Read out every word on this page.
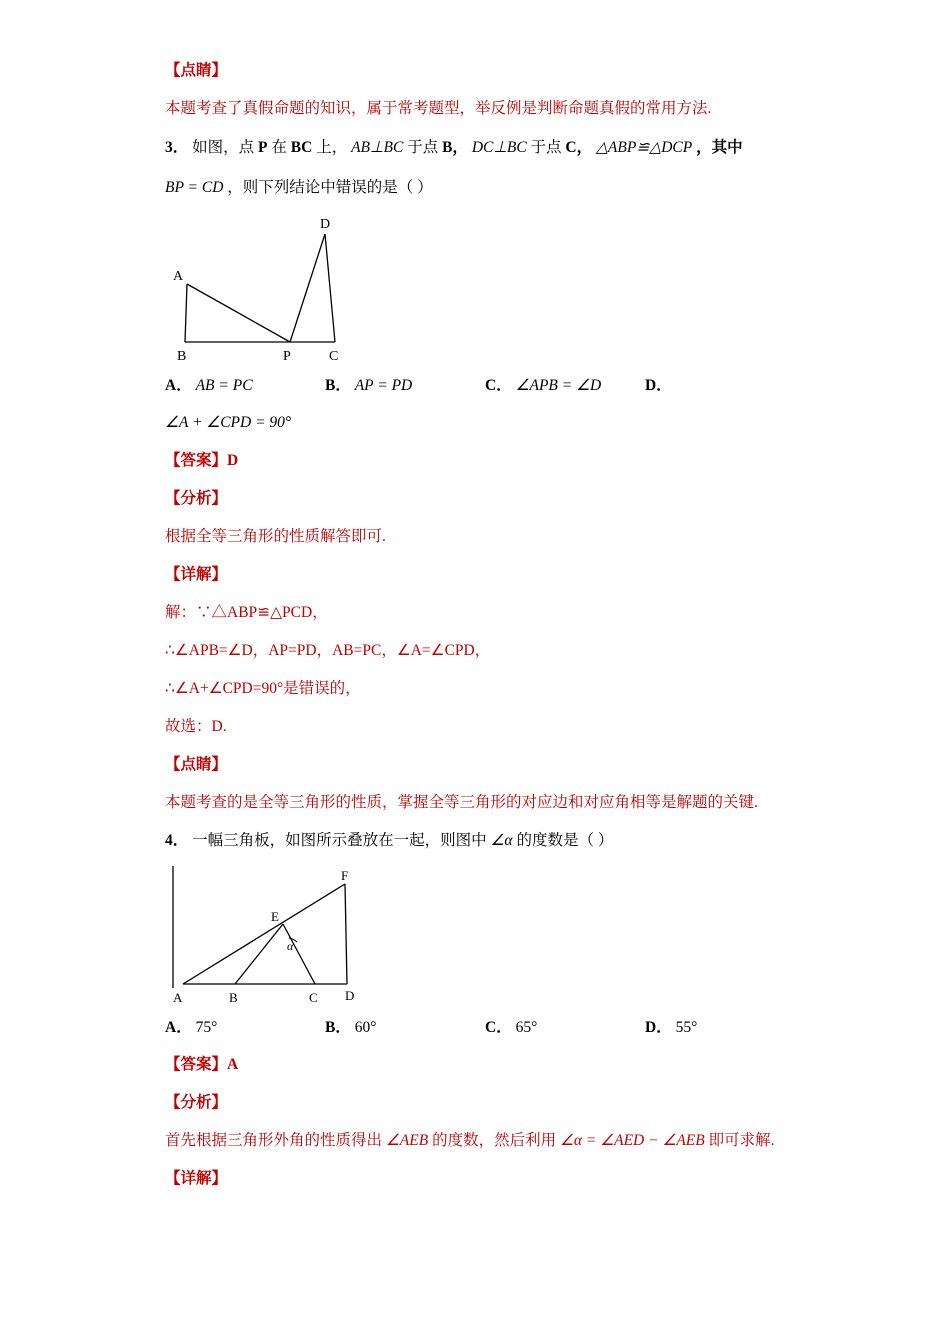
【点睛】
本题考查了真假命题的知识，属于常考题型，举反例是判断命题真假的常用方法.
3． 如图，点 P 在 BC 上， AB⊥BC 于点 B， DC⊥BC 于点 C， △ABP≌△DCP ，其中
BP = CD ，则下列结论中错误的是（ ）
D
A
B	P	C
A． AB = PC	B． AP = PD	C． ∠APB = ∠D	D．
∠A + ∠CPD = 90°
【答案】D
【分析】
根据全等三角形的性质解答即可.
【详解】
解：∵△ABP≌△PCD，
∴∠APB=∠D，AP=PD，AB=PC，∠A=∠CPD，
∴∠A+∠CPD=90°是错误的，
故选：D.
【点睛】
本题考查的是全等三角形的性质，掌握全等三角形的对应边和对应角相等是解题的关键.
4． 一幅三角板，如图所示叠放在一起，则图中 ∠α 的度数是（ ）
F
E
α
A	B	C D
A． 75°	B． 60°	C． 65°	D． 55°
【答案】A
【分析】
首先根据三角形外角的性质得出 ∠AEB 的度数，然后利用 ∠α = ∠AED − ∠AEB 即可求解.
【详解】
